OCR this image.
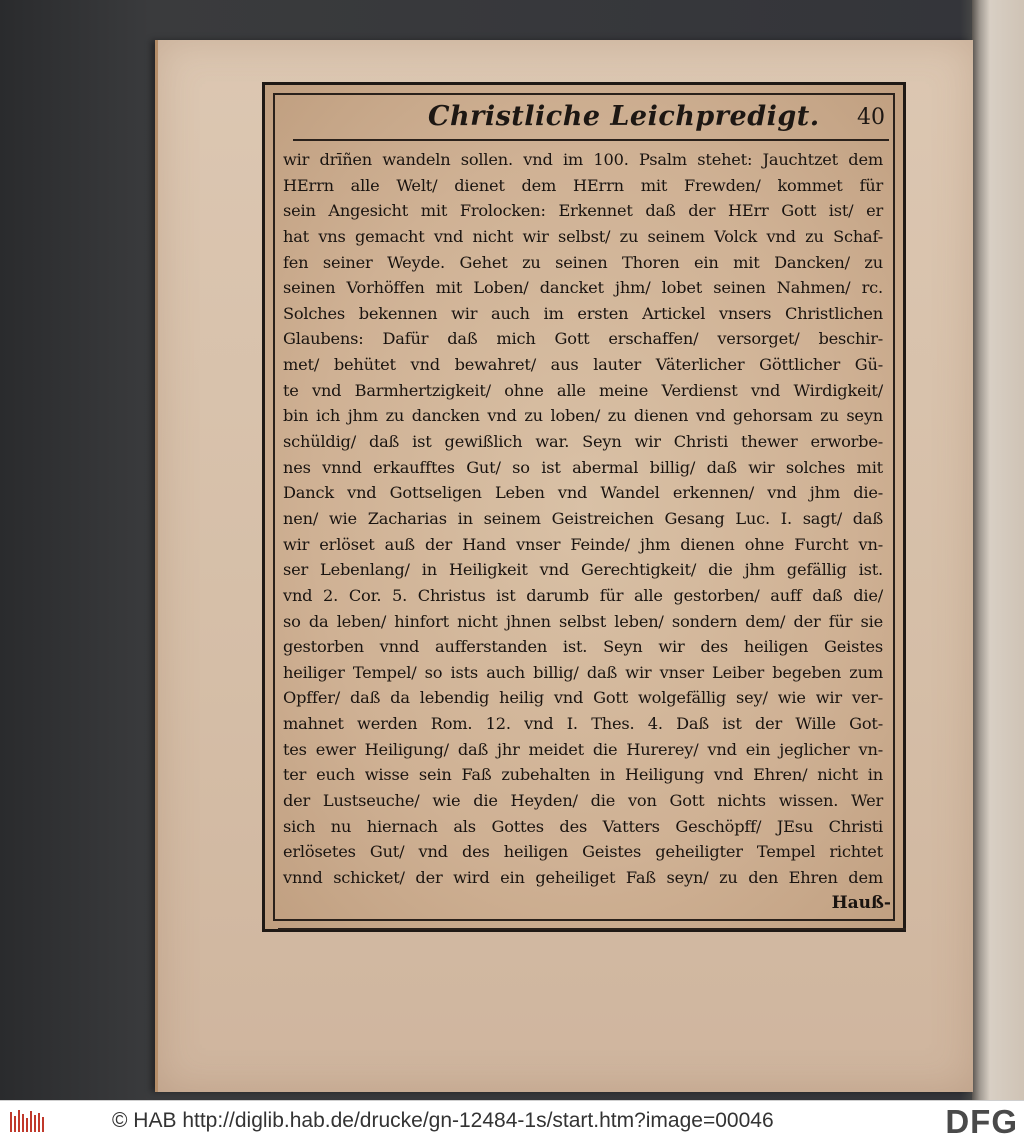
Christliche Leichpredigt. 40
wir drīñen wandeln sollen. vnd im 100. Psalm stehet: Jauchtzet dem
HErrn alle Welt/ dienet dem HErrn mit Frewden/ kommet für
sein Angesicht mit Frolocken: Erkennet daß der HErr Gott ist/ er
hat vns gemacht vnd nicht wir selbst/ zu seinem Volck vnd zu Schaf-
fen seiner Weyde. Gehet zu seinen Thoren ein mit Dancken/ zu
seinen Vorhöffen mit Loben/ dancket jhm/ lobet seinen Nahmen/ rc.
Solches bekennen wir auch im ersten Artickel vnsers Christlichen
Glaubens: Dafür daß mich Gott erschaffen/ versorget/ beschir-
met/ behütet vnd bewahret/ aus lauter Väterlicher Göttlicher Gü-
te vnd Barmhertzigkeit/ ohne alle meine Verdienst vnd Wirdigkeit/
bin ich jhm zu dancken vnd zu loben/ zu dienen vnd gehorsam zu seyn
schüldig/ daß ist gewißlich war. Seyn wir Christi thewer erworbe-
nes vnnd erkaufftes Gut/ so ist abermal billig/ daß wir solches mit
Danck vnd Gottseligen Leben vnd Wandel erkennen/ vnd jhm die-
nen/ wie Zacharias in seinem Geistreichen Gesang Luc. I. sagt/ daß
wir erlöset auß der Hand vnser Feinde/ jhm dienen ohne Furcht vn-
ser Lebenlang/ in Heiligkeit vnd Gerechtigkeit/ die jhm gefällig ist.
vnd 2. Cor. 5. Christus ist darumb für alle gestorben/ auff daß die/
so da leben/ hinfort nicht jhnen selbst leben/ sondern dem/ der für sie
gestorben vnnd aufferstanden ist. Seyn wir des heiligen Geistes
heiliger Tempel/ so ists auch billig/ daß wir vnser Leiber begeben zum
Opffer/ daß da lebendig heilig vnd Gott wolgefällig sey/ wie wir ver-
mahnet werden Rom. 12. vnd I. Thes. 4. Daß ist der Wille Got-
tes ewer Heiligung/ daß jhr meidet die Hurerey/ vnd ein jeglicher vn-
ter euch wisse sein Faß zubehalten in Heiligung vnd Ehren/ nicht in
der Lustseuche/ wie die Heyden/ die von Gott nichts wissen. Wer
sich nu hiernach als Gottes des Vatters Geschöpff/ JEsu Christi
erlösetes Gut/ vnd des heiligen Geistes geheiligter Tempel richtet
vnnd schicket/ der wird ein geheiliget Faß seyn/ zu den Ehren dem
Hauß-
© HAB http://diglib.hab.de/drucke/gn-12484-1s/start.htm?image=00046	DFG
